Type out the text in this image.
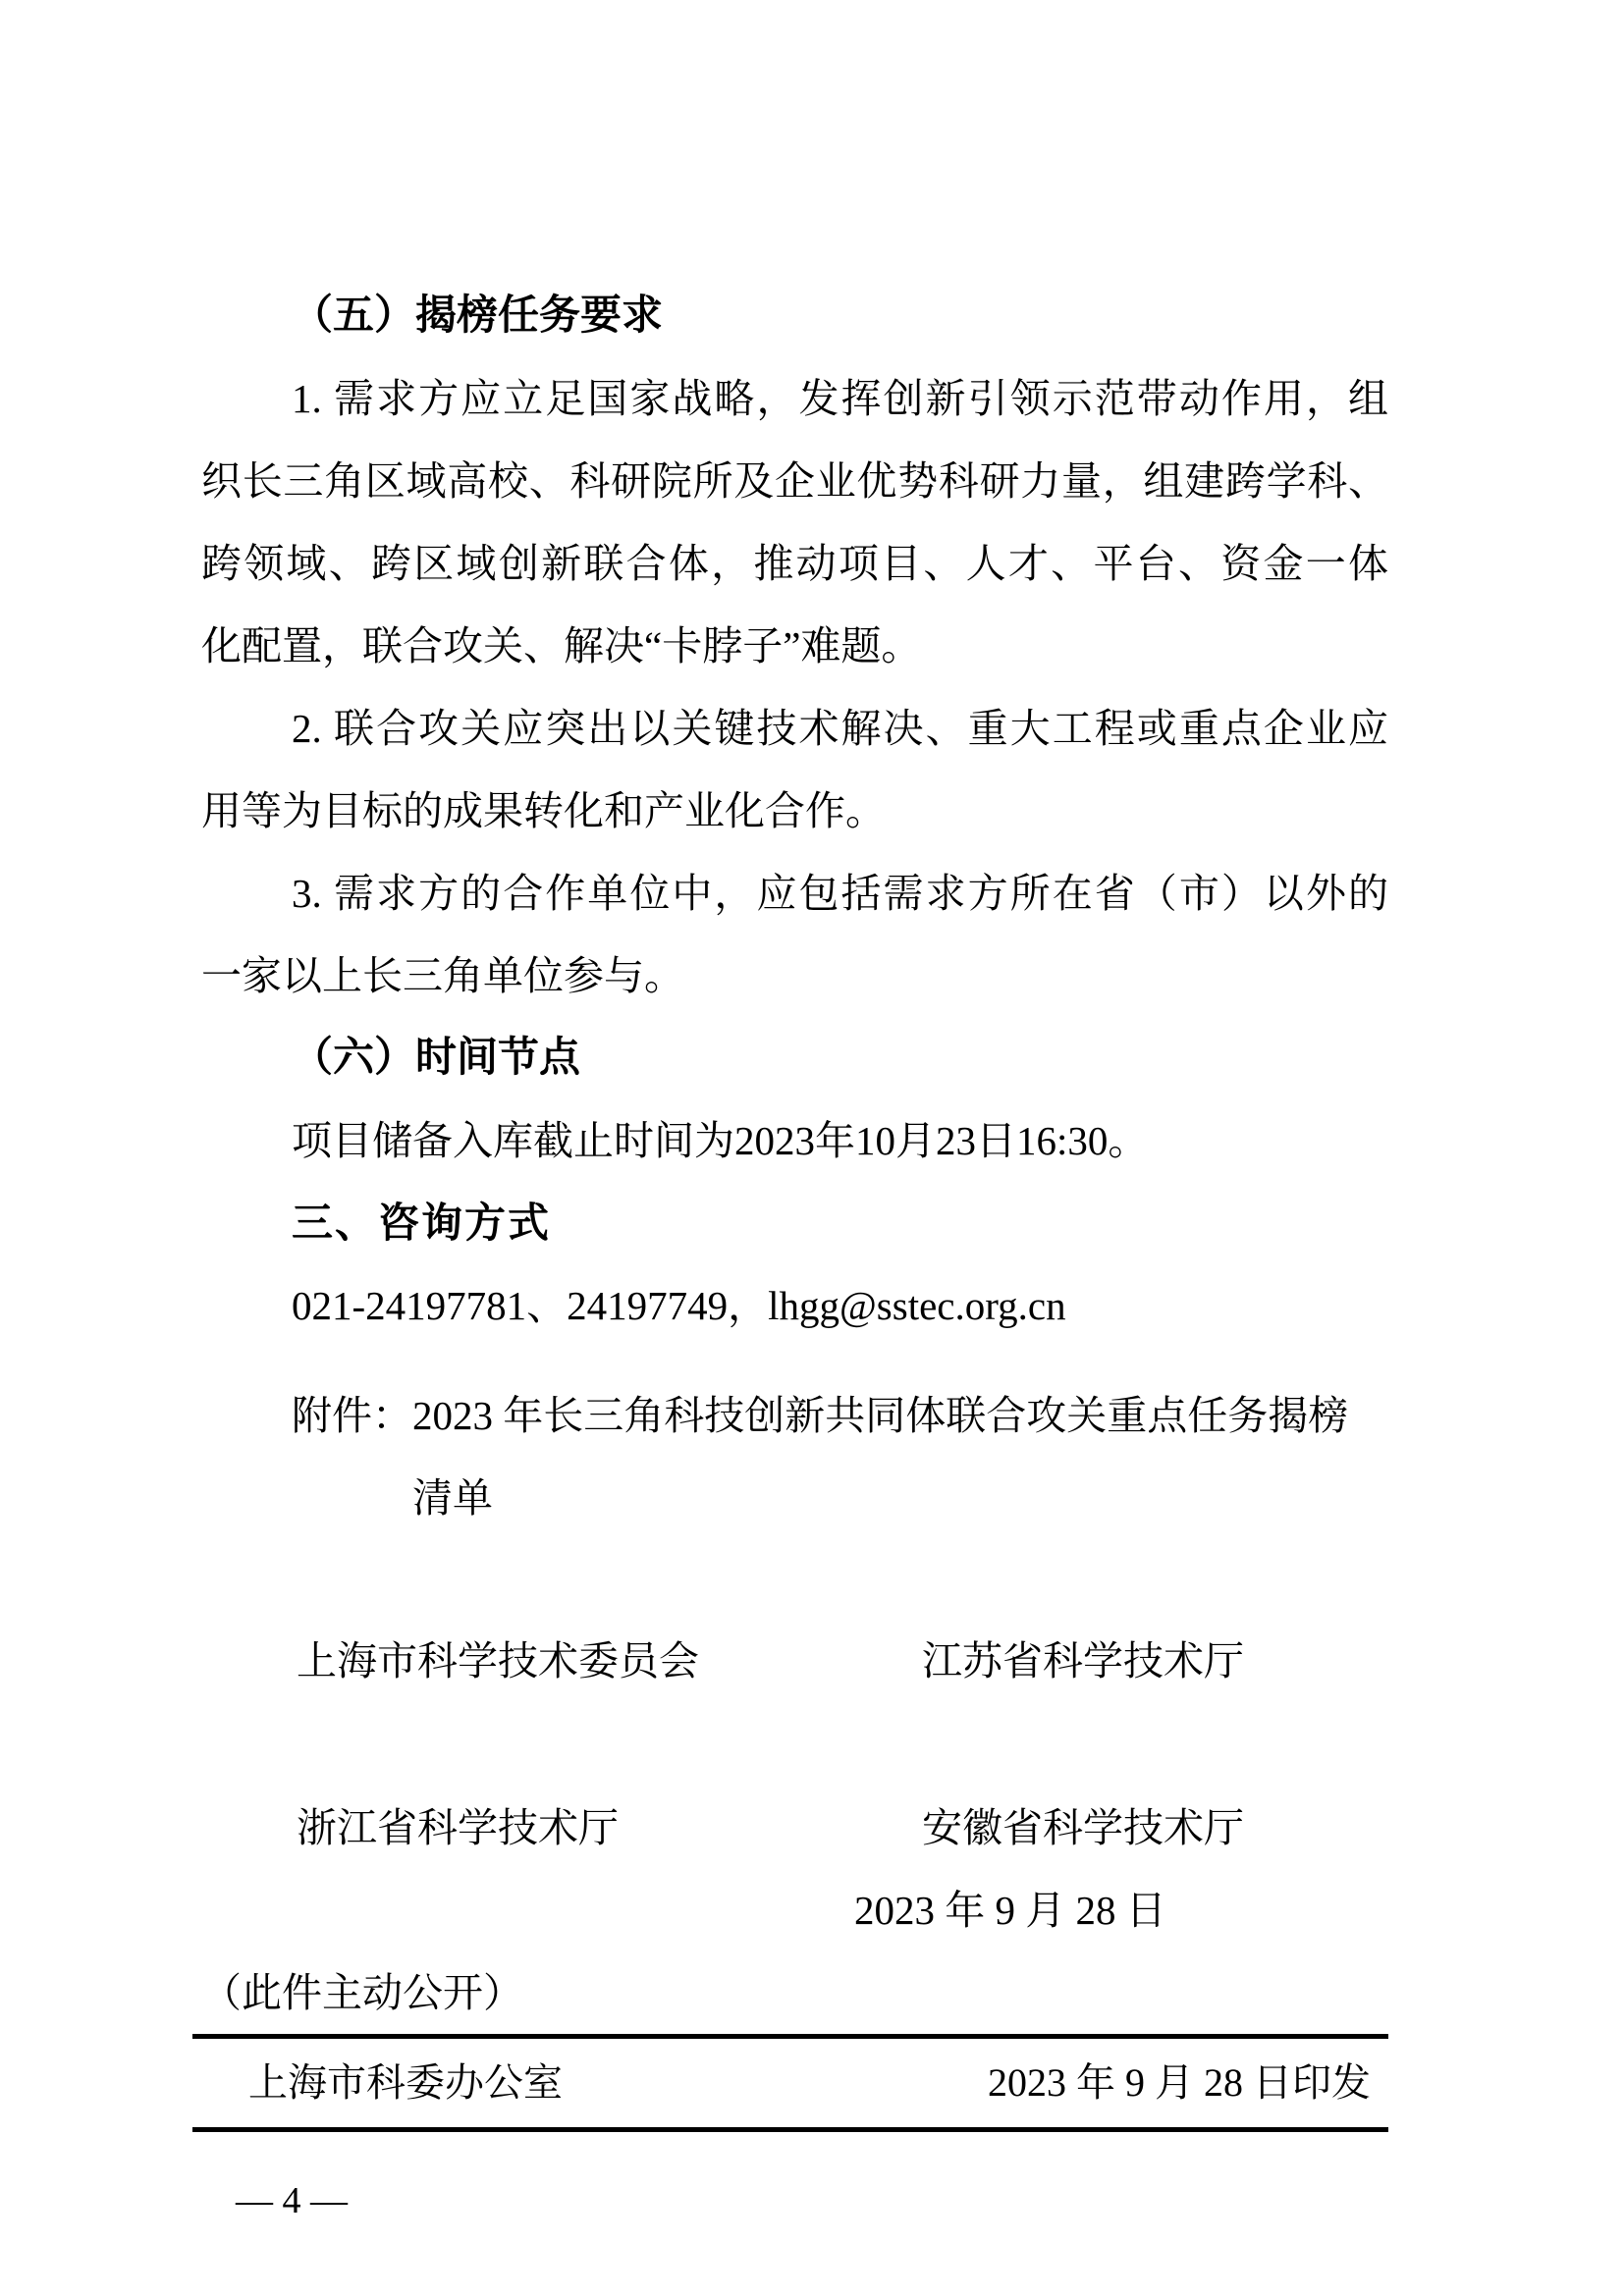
（五）揭榜任务要求
1. 需求方应立足国家战略，发挥创新引领示范带动作用，组
织长三角区域高校、科研院所及企业优势科研力量，组建跨学科、
跨领域、跨区域创新联合体，推动项目、人才、平台、资金一体
化配置，联合攻关、解决“卡脖子”难题。
2. 联合攻关应突出以关键技术解决、重大工程或重点企业应
用等为目标的成果转化和产业化合作。
3. 需求方的合作单位中，应包括需求方所在省（市）以外的
一家以上长三角单位参与。
（六）时间节点
项目储备入库截止时间为2023年10月23日16:30。
三、咨询方式
021-24197781、24197749，lhgg@sstec.org.cn
附件：2023 年长三角科技创新共同体联合攻关重点任务揭榜
清单
上海市科学技术委员会	江苏省科学技术厅
浙江省科学技术厅	安徽省科学技术厅
2023 年 9 月 28 日
（此件主动公开）
上海市科委办公室	2023 年 9 月 28 日印发
— 4 —
